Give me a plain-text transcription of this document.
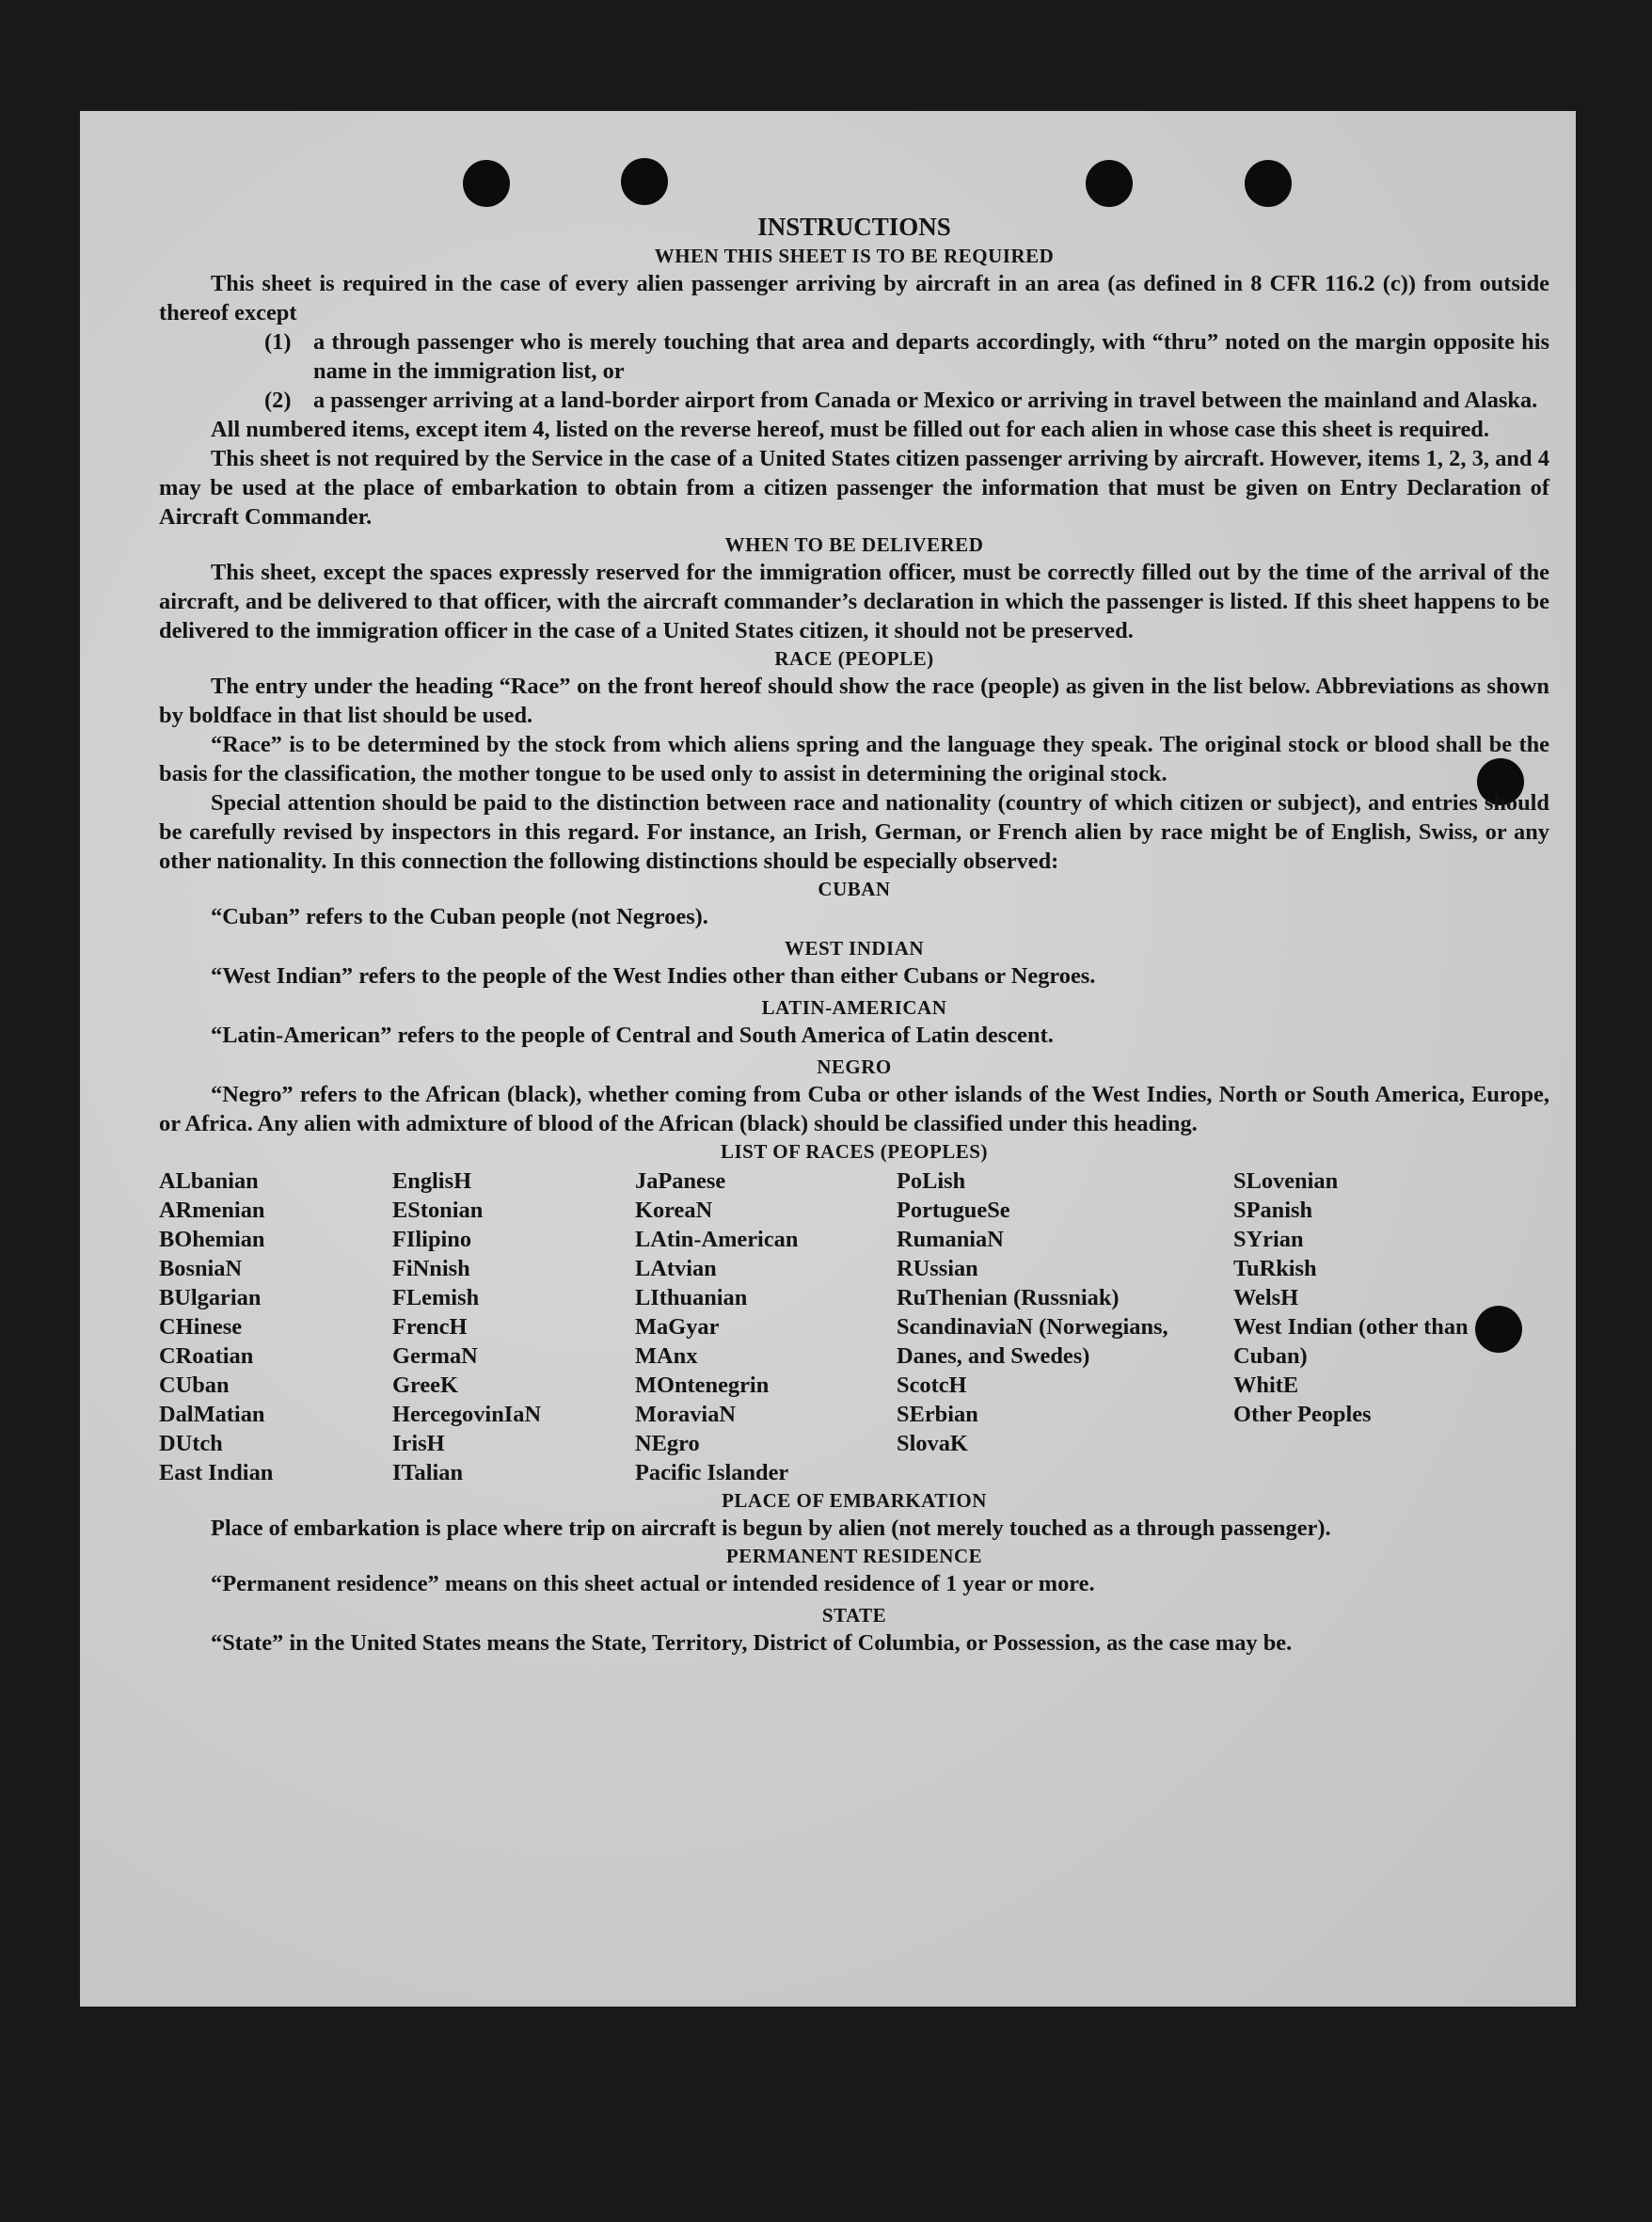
INSTRUCTIONS
WHEN THIS SHEET IS TO BE REQUIRED

This sheet is required in the case of every alien passenger arriving by aircraft in an area (as defined in 8 CFR 116.2 (c)) from outside thereof except

(1) a through passenger who is merely touching that area and departs accordingly, with “thru” noted on the margin opposite his name in the immigration list, or
(2) a passenger arriving at a land-border airport from Canada or Mexico or arriving in travel between the mainland and Alaska.

All numbered items, except item 4, listed on the reverse hereof, must be filled out for each alien in whose case this sheet is required.

This sheet is not required by the Service in the case of a United States citizen passenger arriving by aircraft. However, items 1, 2, 3, and 4 may be used at the place of embarkation to obtain from a citizen passenger the information that must be given on Entry Declaration of Aircraft Commander.

WHEN TO BE DELIVERED

This sheet, except the spaces expressly reserved for the immigration officer, must be correctly filled out by the time of the arrival of the aircraft, and be delivered to that officer, with the aircraft commander’s declaration in which the passenger is listed. If this sheet happens to be delivered to the immigration officer in the case of a United States citizen, it should not be preserved.

RACE (PEOPLE)

The entry under the heading “Race” on the front hereof should show the race (people) as given in the list below. Abbreviations as shown by boldface in that list should be used.

“Race” is to be determined by the stock from which aliens spring and the language they speak. The original stock or blood shall be the basis for the classification, the mother tongue to be used only to assist in determining the original stock.

Special attention should be paid to the distinction between race and nationality (country of which citizen or subject), and entries should be carefully revised by inspectors in this regard. For instance, an Irish, German, or French alien by race might be of English, Swiss, or any other nationality. In this connection the following distinctions should be especially observed:

CUBAN

“Cuban” refers to the Cuban people (not Negroes).

WEST INDIAN

“West Indian” refers to the people of the West Indies other than either Cubans or Negroes.

LATIN-AMERICAN

“Latin-American” refers to the people of Central and South America of Latin descent.

NEGRO

“Negro” refers to the African (black), whether coming from Cuba or other islands of the West Indies, North or South America, Europe, or Africa. Any alien with admixture of blood of the African (black) should be classified under this heading.

LIST OF RACES (PEOPLES)
ALbanian
ARmenian
BOhemian
BosniaN
BUlgarian
CHinese
CRoatian
CUban
DalMatian
DUtch
East Indian
EnglisH
EStonian
FIlipino
FiNnish
FLemish
FrencH
GermaN
GreeK
HercegovinIaN
IrisH
ITalian
JaPanese
KoreaN
LAtin-American
LAtvian
LIthuanian
MaGyar
MAnx
MOntenegrin
MoraviaN
NEgro
Pacific Islander
PoLish
PortugueSe
RumaniaN
RUssian
RuThenian (Russniak)
ScandinaviaN (Norwegians, Danes, and Swedes)
ScotcH
SErbian
SlovaK
SLovenian
SPanish
SYrian
TuRkish
WelsH
West Indian (other than Cuban)
WhitE
Other Peoples
PLACE OF EMBARKATION

Place of embarkation is place where trip on aircraft is begun by alien (not merely touched as a through passenger).

PERMANENT RESIDENCE

“Permanent residence” means on this sheet actual or intended residence of 1 year or more.

STATE

“State” in the United States means the State, Territory, District of Columbia, or Possession, as the case may be.
